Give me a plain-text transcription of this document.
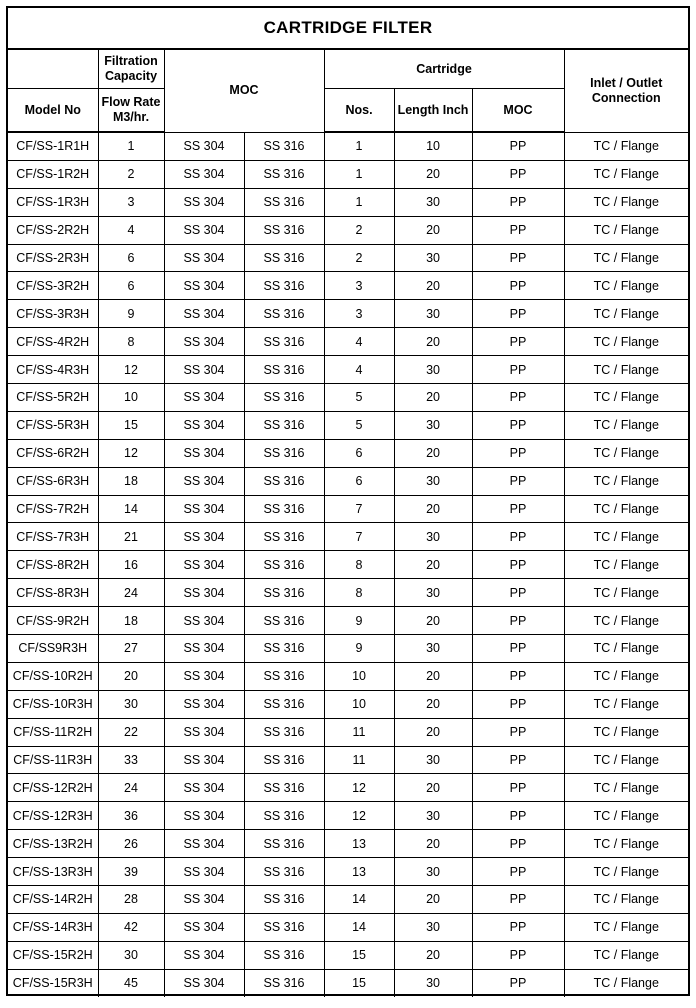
CARTRIDGE FILTER
	Filtration Capacity	MOC		Cartridge			Inlet / Outlet Connection
Model No	Flow Rate M3/hr.			Nos.	Length Inch	MOC	
CF/SS-1R1H	1	SS 304	SS 316	1	10	PP	TC / Flange
CF/SS-1R2H	2	SS 304	SS 316	1	20	PP	TC / Flange
CF/SS-1R3H	3	SS 304	SS 316	1	30	PP	TC / Flange
CF/SS-2R2H	4	SS 304	SS 316	2	20	PP	TC / Flange
CF/SS-2R3H	6	SS 304	SS 316	2	30	PP	TC / Flange
CF/SS-3R2H	6	SS 304	SS 316	3	20	PP	TC / Flange
CF/SS-3R3H	9	SS 304	SS 316	3	30	PP	TC / Flange
CF/SS-4R2H	8	SS 304	SS 316	4	20	PP	TC / Flange
CF/SS-4R3H	12	SS 304	SS 316	4	30	PP	TC / Flange
CF/SS-5R2H	10	SS 304	SS 316	5	20	PP	TC / Flange
CF/SS-5R3H	15	SS 304	SS 316	5	30	PP	TC / Flange
CF/SS-6R2H	12	SS 304	SS 316	6	20	PP	TC / Flange
CF/SS-6R3H	18	SS 304	SS 316	6	30	PP	TC / Flange
CF/SS-7R2H	14	SS 304	SS 316	7	20	PP	TC / Flange
CF/SS-7R3H	21	SS 304	SS 316	7	30	PP	TC / Flange
CF/SS-8R2H	16	SS 304	SS 316	8	20	PP	TC / Flange
CF/SS-8R3H	24	SS 304	SS 316	8	30	PP	TC / Flange
CF/SS-9R2H	18	SS 304	SS 316	9	20	PP	TC / Flange
CF/SS9R3H	27	SS 304	SS 316	9	30	PP	TC / Flange
CF/SS-10R2H	20	SS 304	SS 316	10	20	PP	TC / Flange
CF/SS-10R3H	30	SS 304	SS 316	10	20	PP	TC / Flange
CF/SS-11R2H	22	SS 304	SS 316	11	20	PP	TC / Flange
CF/SS-11R3H	33	SS 304	SS 316	11	30	PP	TC / Flange
CF/SS-12R2H	24	SS 304	SS 316	12	20	PP	TC / Flange
CF/SS-12R3H	36	SS 304	SS 316	12	30	PP	TC / Flange
CF/SS-13R2H	26	SS 304	SS 316	13	20	PP	TC / Flange
CF/SS-13R3H	39	SS 304	SS 316	13	30	PP	TC / Flange
CF/SS-14R2H	28	SS 304	SS 316	14	20	PP	TC / Flange
CF/SS-14R3H	42	SS 304	SS 316	14	30	PP	TC / Flange
CF/SS-15R2H	30	SS 304	SS 316	15	20	PP	TC / Flange
CF/SS-15R3H	45	SS 304	SS 316	15	30	PP	TC / Flange
